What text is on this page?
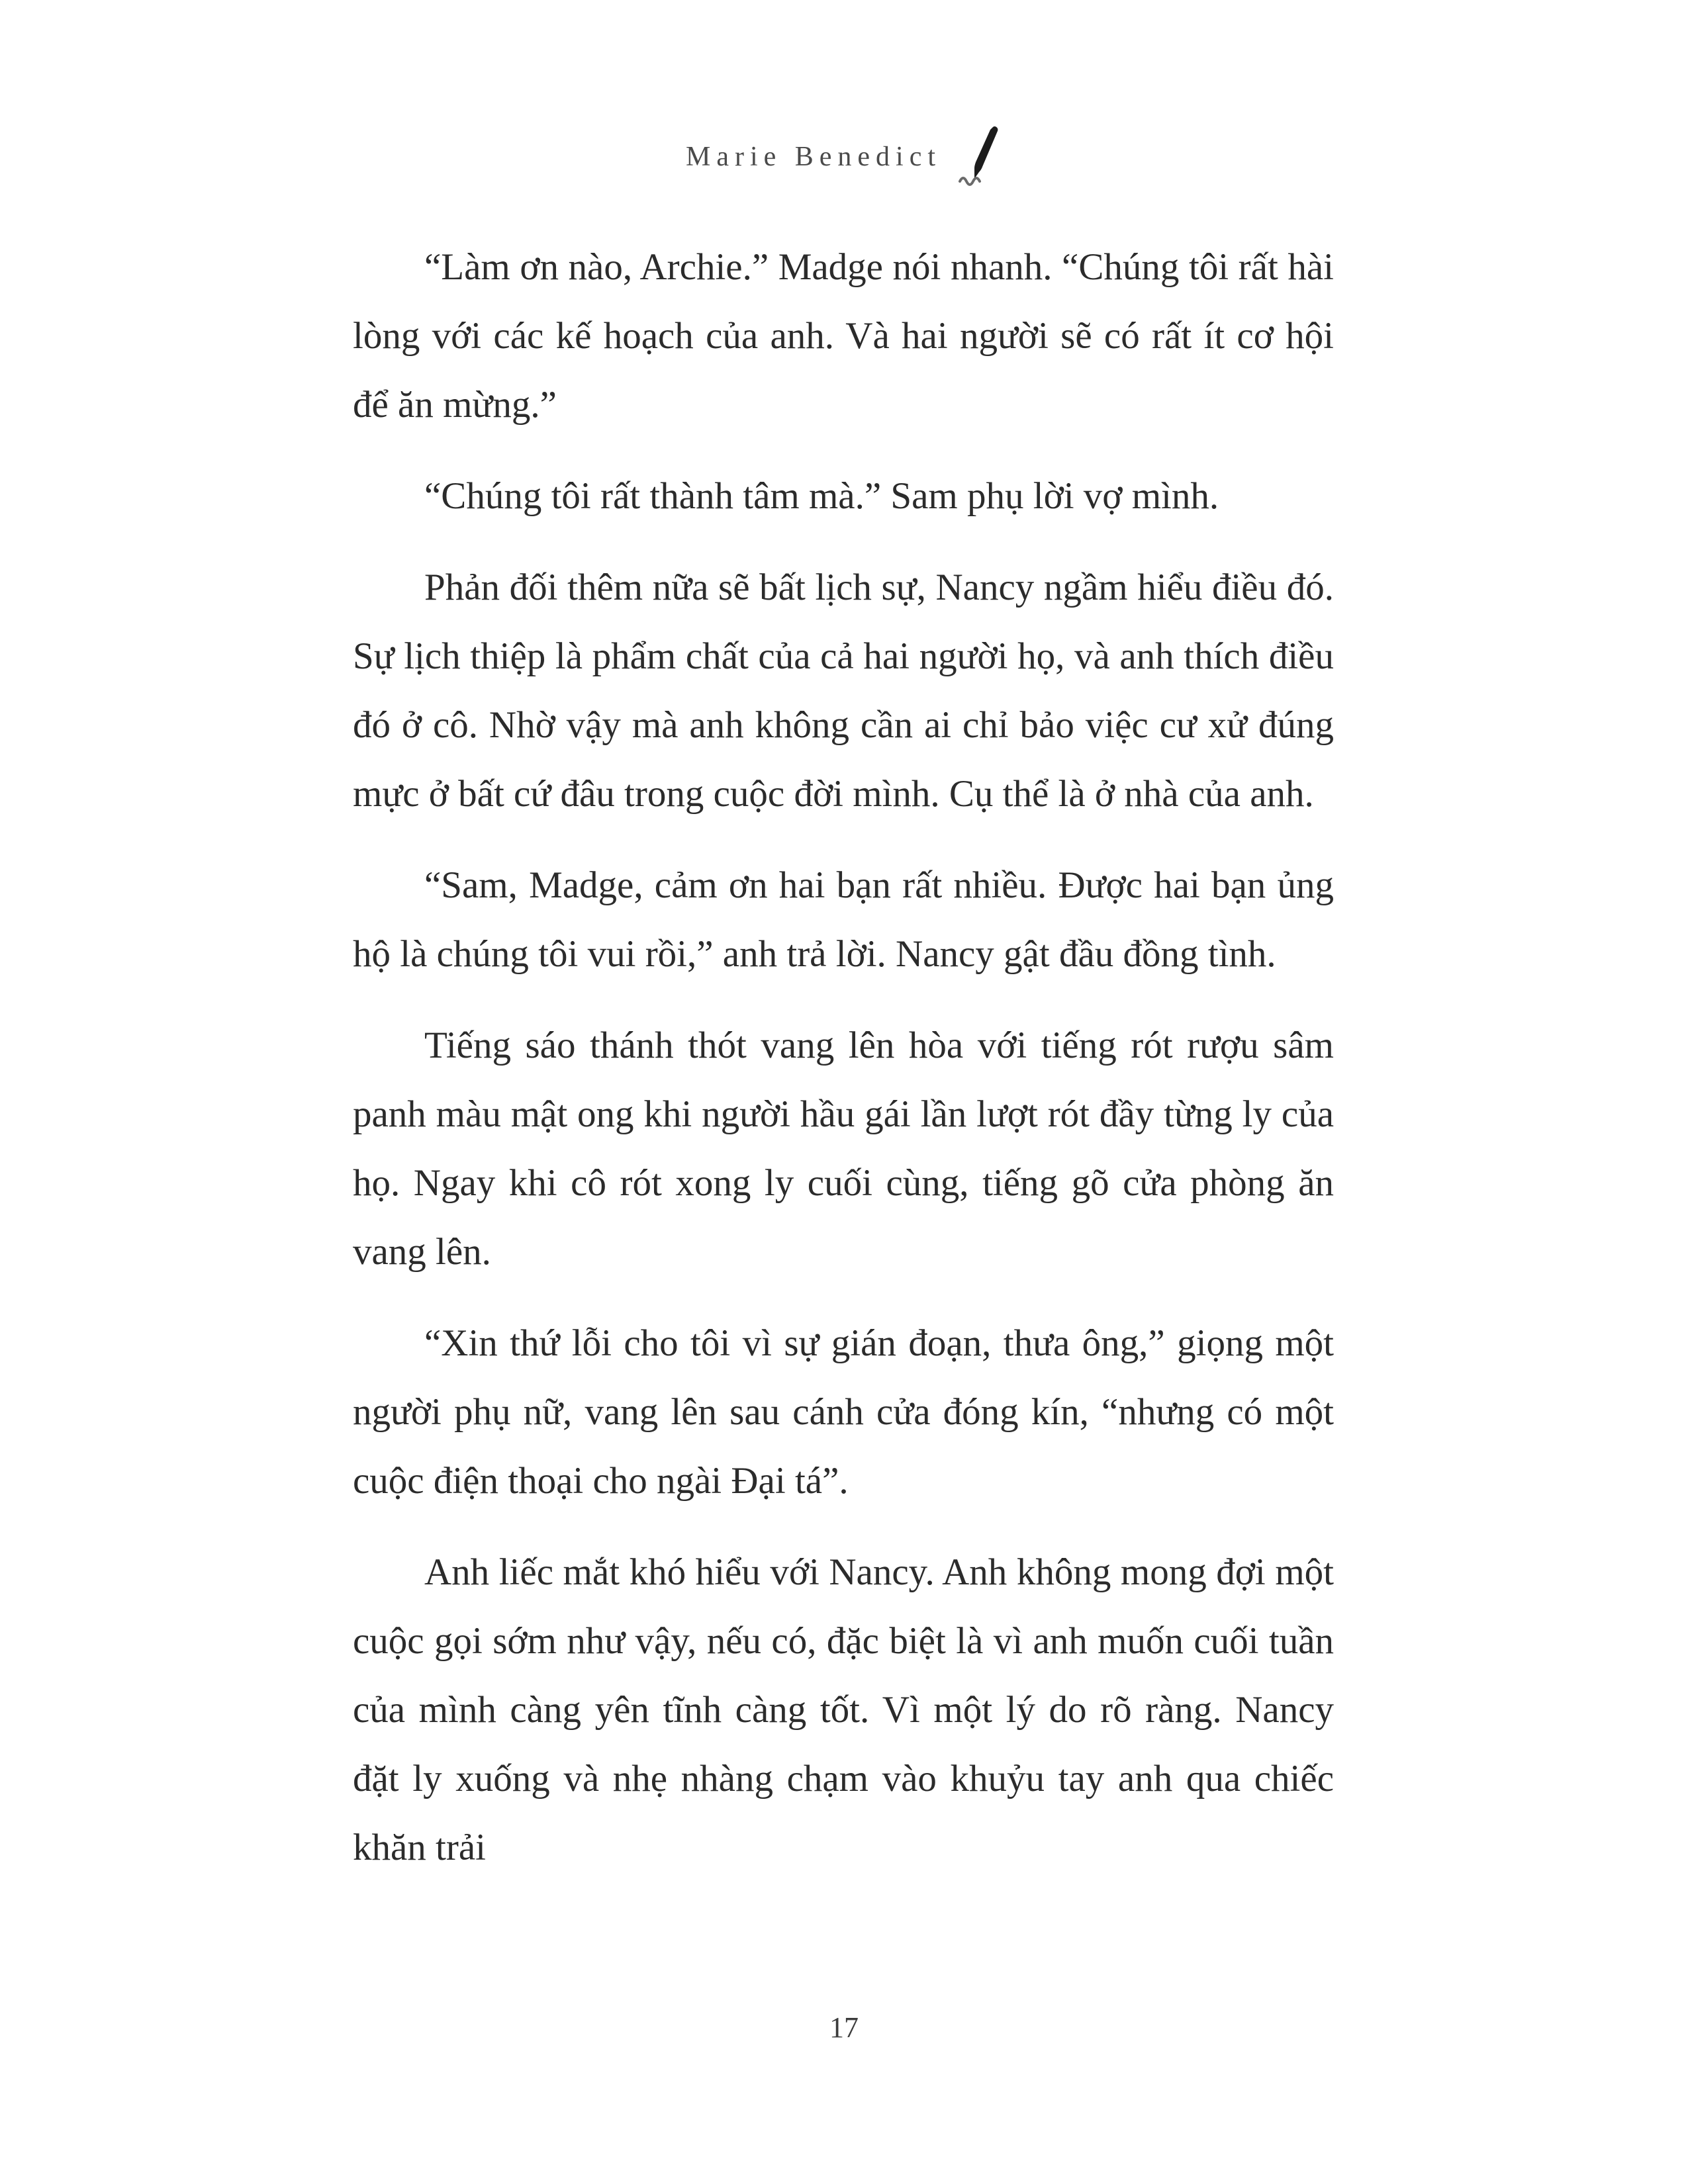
Marie Benedict

“Làm ơn nào, Archie.” Madge nói nhanh. “Chúng tôi rất hài lòng với các kế hoạch của anh. Và hai người sẽ có rất ít cơ hội để ăn mừng.”

“Chúng tôi rất thành tâm mà.” Sam phụ lời vợ mình.

Phản đối thêm nữa sẽ bất lịch sự, Nancy ngầm hiểu điều đó. Sự lịch thiệp là phẩm chất của cả hai người họ, và anh thích điều đó ở cô. Nhờ vậy mà anh không cần ai chỉ bảo việc cư xử đúng mực ở bất cứ đâu trong cuộc đời mình. Cụ thể là ở nhà của anh.

“Sam, Madge, cảm ơn hai bạn rất nhiều. Được hai bạn ủng hộ là chúng tôi vui rồi,” anh trả lời. Nancy gật đầu đồng tình.

Tiếng sáo thánh thót vang lên hòa với tiếng rót rượu sâm panh màu mật ong khi người hầu gái lần lượt rót đầy từng ly của họ. Ngay khi cô rót xong ly cuối cùng, tiếng gõ cửa phòng ăn vang lên.

“Xin thứ lỗi cho tôi vì sự gián đoạn, thưa ông,” giọng một người phụ nữ, vang lên sau cánh cửa đóng kín, “nhưng có một cuộc điện thoại cho ngài Đại tá”.

Anh liếc mắt khó hiểu với Nancy. Anh không mong đợi một cuộc gọi sớm như vậy, nếu có, đặc biệt là vì anh muốn cuối tuần của mình càng yên tĩnh càng tốt. Vì một lý do rõ ràng. Nancy đặt ly xuống và nhẹ nhàng chạm vào khuỷu tay anh qua chiếc khăn trải

17
